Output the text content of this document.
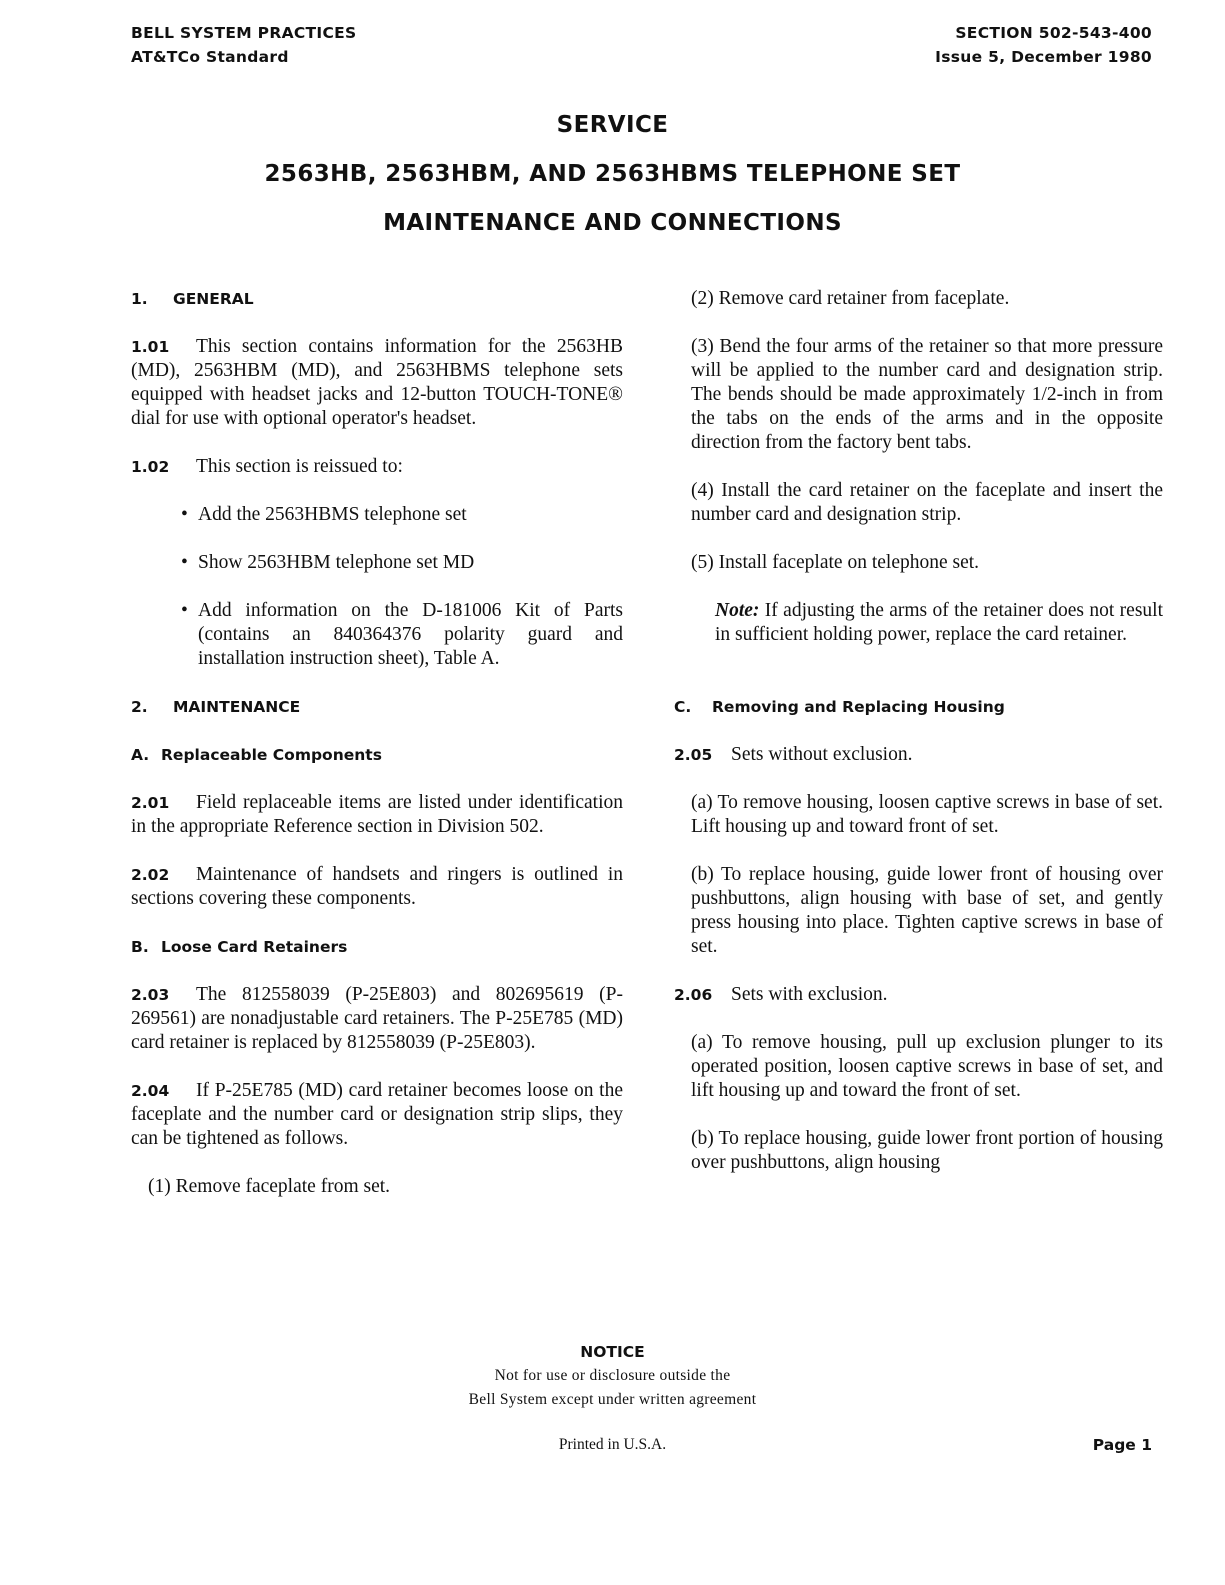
BELL SYSTEM PRACTICES
AT&TCo Standard
SECTION 502-543-400
Issue 5, December 1980
SERVICE
2563HB, 2563HBM, AND 2563HBMS TELEPHONE SET
MAINTENANCE AND CONNECTIONS
1. GENERAL
1.01 This section contains information for the 2563HB (MD), 2563HBM (MD), and 2563HBMS telephone sets equipped with headset jacks and 12-button TOUCH-TONE® dial for use with optional operator's headset.
1.02 This section is reissued to:
• Add the 2563HBMS telephone set
• Show 2563HBM telephone set MD
• Add information on the D-181006 Kit of Parts (contains an 840364376 polarity guard and installation instruction sheet), Table A.
2. MAINTENANCE
A. Replaceable Components
2.01 Field replaceable items are listed under identification in the appropriate Reference section in Division 502.
2.02 Maintenance of handsets and ringers is outlined in sections covering these components.
B. Loose Card Retainers
2.03 The 812558039 (P-25E803) and 802695619 (P-269561) are nonadjustable card retainers. The P-25E785 (MD) card retainer is replaced by 812558039 (P-25E803).
2.04 If P-25E785 (MD) card retainer becomes loose on the faceplate and the number card or designation strip slips, they can be tightened as follows.
(1) Remove faceplate from set.
(2) Remove card retainer from faceplate.
(3) Bend the four arms of the retainer so that more pressure will be applied to the number card and designation strip. The bends should be made approximately 1/2-inch in from the tabs on the ends of the arms and in the opposite direction from the factory bent tabs.
(4) Install the card retainer on the faceplate and insert the number card and designation strip.
(5) Install faceplate on telephone set.
Note: If adjusting the arms of the retainer does not result in sufficient holding power, replace the card retainer.
C. Removing and Replacing Housing
2.05 Sets without exclusion.
(a) To remove housing, loosen captive screws in base of set. Lift housing up and toward front of set.
(b) To replace housing, guide lower front of housing over pushbuttons, align housing with base of set, and gently press housing into place. Tighten captive screws in base of set.
2.06 Sets with exclusion.
(a) To remove housing, pull up exclusion plunger to its operated position, loosen captive screws in base of set, and lift housing up and toward the front of set.
(b) To replace housing, guide lower front portion of housing over pushbuttons, align housing
NOTICE
Not for use or disclosure outside the
Bell System except under written agreement
Printed in U.S.A.	Page 1
